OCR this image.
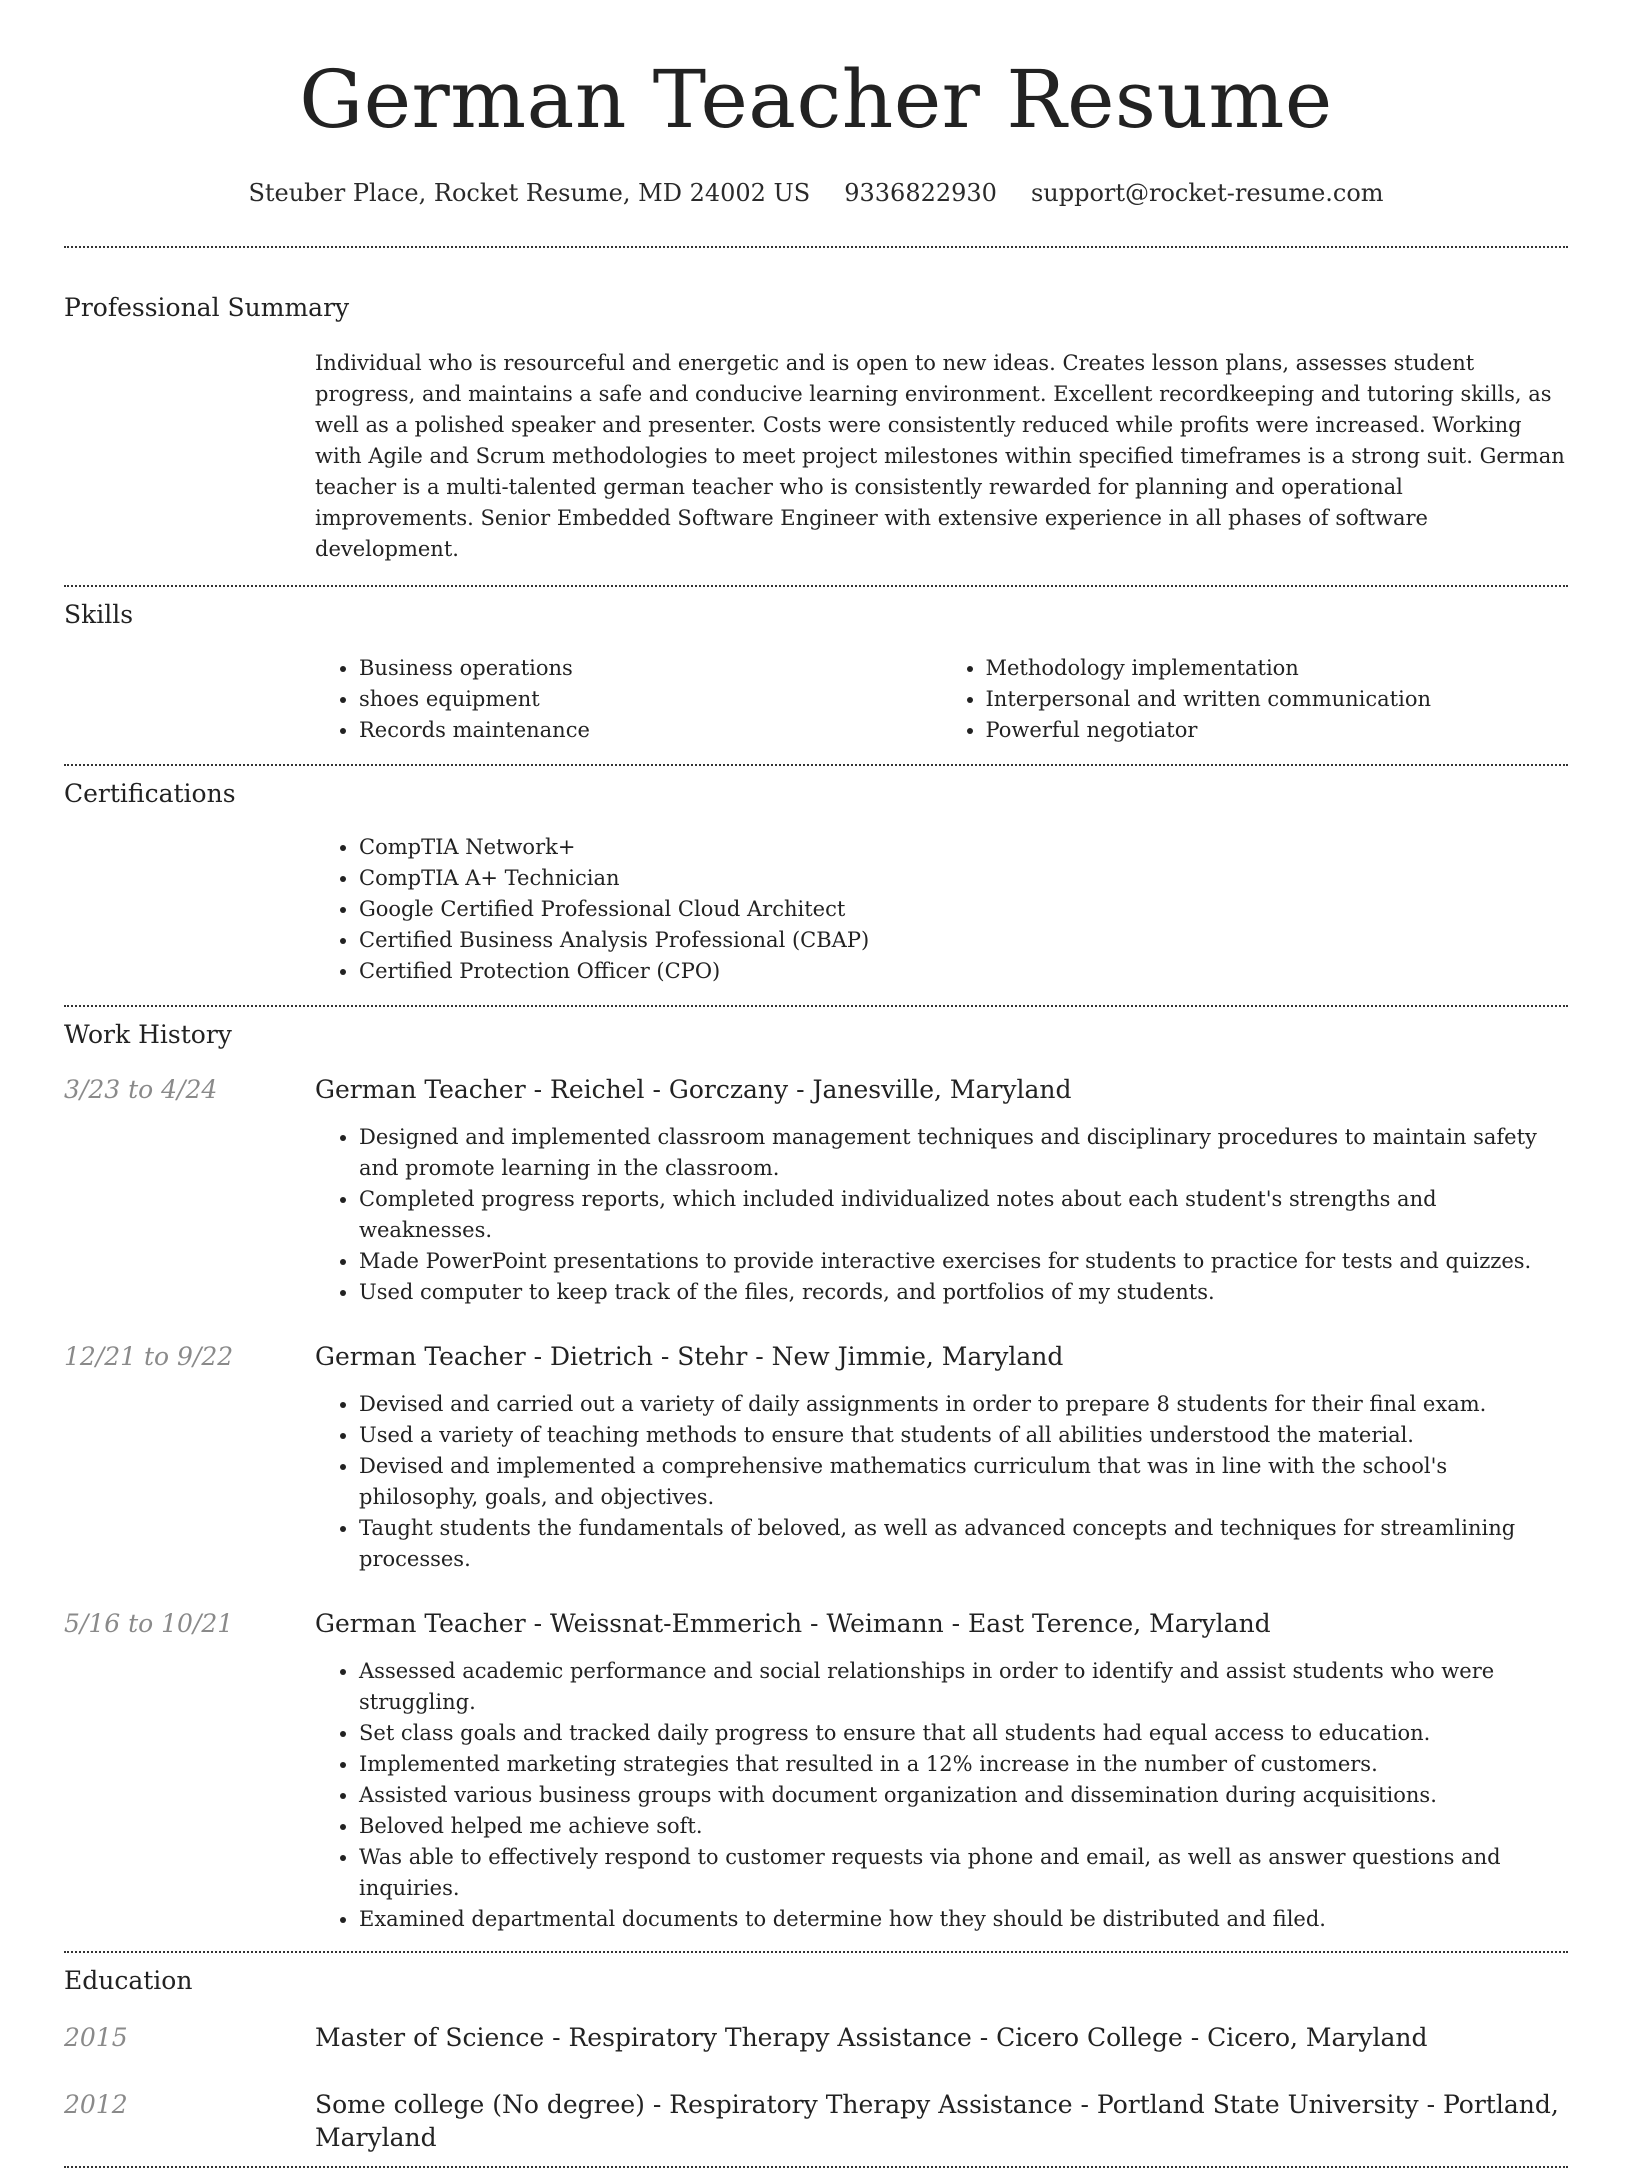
German Teacher Resume
Steuber Place, Rocket Resume, MD 24002 US 9336822930 support@rocket-resume.com
Professional Summary

Individual who is resourceful and energetic and is open to new ideas. Creates lesson plans, assesses student progress, and maintains a safe and conducive learning environment. Excellent recordkeeping and tutoring skills, as well as a polished speaker and presenter. Costs were consistently reduced while profits were increased. Working with Agile and Scrum methodologies to meet project milestones within specified timeframes is a strong suit. German teacher is a multi-talented german teacher who is consistently rewarded for planning and operational improvements. Senior Embedded Software Engineer with extensive experience in all phases of software development.

Skills
• Business operations
• shoes equipment
• Records maintenance
• Methodology implementation
• Interpersonal and written communication
• Powerful negotiator
Certifications
• CompTIA Network+
• CompTIA A+ Technician
• Google Certified Professional Cloud Architect
• Certified Business Analysis Professional (CBAP)
• Certified Protection Officer (CPO)
Work History
3/23 to 4/24	German Teacher - Reichel - Gorczany - Janesville, Maryland
• Designed and implemented classroom management techniques and disciplinary procedures to maintain safety and promote learning in the classroom.
• Completed progress reports, which included individualized notes about each student's strengths and weaknesses.
• Made PowerPoint presentations to provide interactive exercises for students to practice for tests and quizzes.
• Used computer to keep track of the files, records, and portfolios of my students.
12/21 to 9/22	German Teacher - Dietrich - Stehr - New Jimmie, Maryland
• Devised and carried out a variety of daily assignments in order to prepare 8 students for their final exam.
• Used a variety of teaching methods to ensure that students of all abilities understood the material.
• Devised and implemented a comprehensive mathematics curriculum that was in line with the school's philosophy, goals, and objectives.
• Taught students the fundamentals of beloved, as well as advanced concepts and techniques for streamlining processes.
5/16 to 10/21	German Teacher - Weissnat-Emmerich - Weimann - East Terence, Maryland
• Assessed academic performance and social relationships in order to identify and assist students who were struggling.
• Set class goals and tracked daily progress to ensure that all students had equal access to education.
• Implemented marketing strategies that resulted in a 12% increase in the number of customers.
• Assisted various business groups with document organization and dissemination during acquisitions.
• Beloved helped me achieve soft.
• Was able to effectively respond to customer requests via phone and email, as well as answer questions and inquiries.
• Examined departmental documents to determine how they should be distributed and filed.
Education
2015	Master of Science - Respiratory Therapy Assistance - Cicero College - Cicero, Maryland
2012	Some college (No degree) - Respiratory Therapy Assistance - Portland State University - Portland, Maryland
